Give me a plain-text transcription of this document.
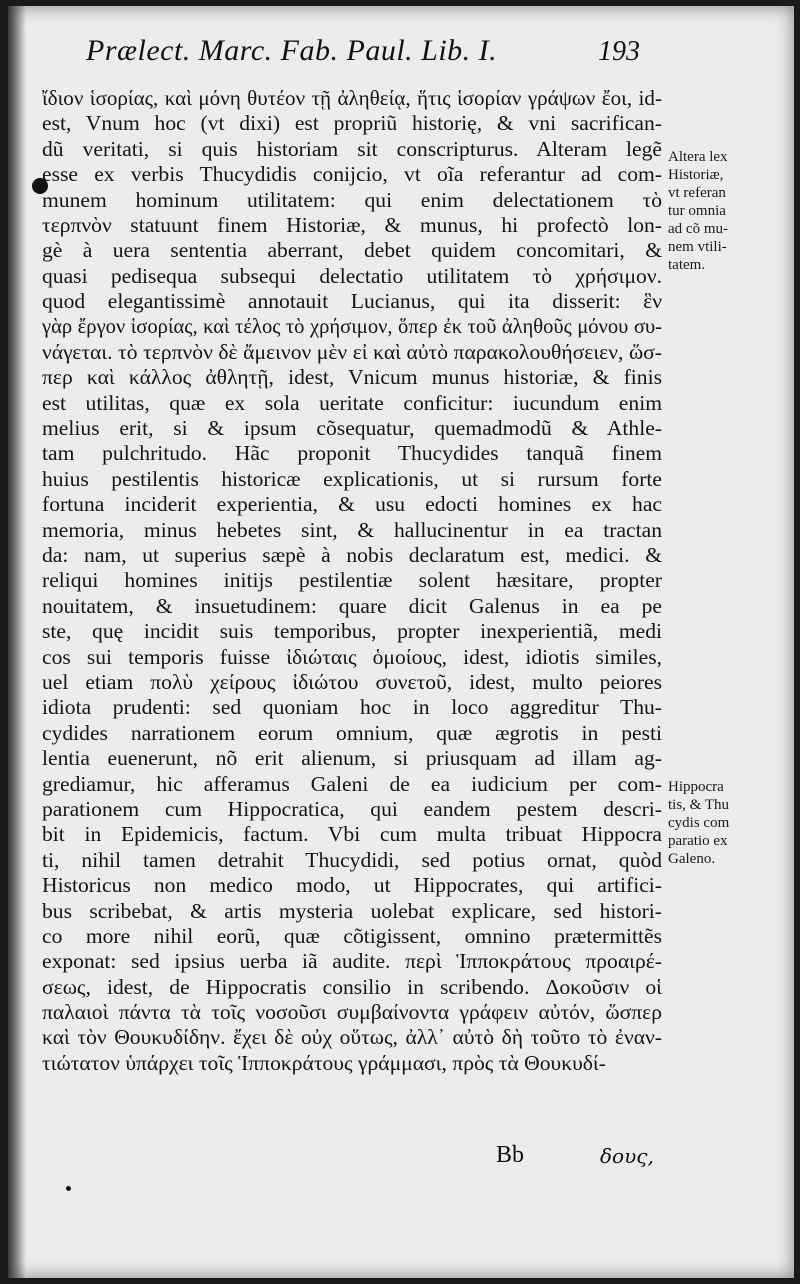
Prælect. Marc. Fab. Paul. Lib. I.	193
ἴδιον ἱσορίας, καὶ μόνη θυτέον τῇ ἀληθείᾳ, ἥτις ἱσορίαν γράψων ἔοι, id-
est, Vnum hoc (vt dixi) est propriũ historię, & vni sacrifican-
dũ veritati, si quis historiam sit conscripturus. Alteram legẽ
esse ex verbis Thucydidis conijcio, vt oĩa referantur ad com-
munem hominum utilitatem: qui enim delectationem τὸ
τερπνὸν statuunt finem Historiæ, & munus, hi profectò lon-
gè à uera sententia aberrant, debet quidem concomitari, &
quasi pedisequa subsequi delectatio utilitatem τὸ χρήσιμον.
quod elegantissimè annotauit Lucianus, qui ita disserit: ἓν
γὰρ ἔργον ἱσορίας, καὶ τέλος τὸ χρήσιμον, ὅπερ ἐκ τοῦ ἀληθοῦς μόνου συ-
νάγεται. τὸ τερπνὸν δὲ ἄμεινον μὲν εἰ καὶ αὐτὸ παρακολουθήσειεν, ὥσ-
περ καὶ κάλλος ἀθλητῇ, idest, Vnicum munus historiæ, & finis
est utilitas, quæ ex sola ueritate conficitur: iucundum enim
melius erit, si & ipsum cõsequatur, quemadmodũ & Athle-
tam pulchritudo. Hãc proponit Thucydides tanquã finem
huius pestilentis historicæ explicationis, ut si rursum forte
fortuna inciderit experientia, & usu edocti homines ex hac
memoria, minus hebetes sint, & hallucinentur in ea tractan
da: nam, ut superius sæpè à nobis declaratum est, medici. &
reliqui homines initijs pestilentiæ solent hæsitare, propter
nouitatem, & insuetudinem: quare dicit Galenus in ea pe
ste, quę incidit suis temporibus, propter inexperientiã, medi
cos sui temporis fuisse ἰδιώταις ὁμοίους, idest, idiotis similes,
uel etiam πολὺ χείρους ἰδιώτου συνετοῦ, idest, multo peiores
idiota prudenti: sed quoniam hoc in loco aggreditur Thu-
cydides narrationem eorum omnium, quæ ægrotis in pesti
lentia euenerunt, nõ erit alienum, si priusquam ad illam ag-
grediamur, hic afferamus Galeni de ea iudicium per com-
parationem cum Hippocratica, qui eandem pestem descri-
bit in Epidemicis, factum. Vbi cum multa tribuat Hippocra
ti, nihil tamen detrahit Thucydidi, sed potius ornat, quòd
Historicus non medico modo, ut Hippocrates, qui artifici-
bus scribebat, & artis mysteria uolebat explicare, sed histori-
co more nihil eorũ, quæ cõtigissent, omnino prætermittẽs
exponat: sed ipsius uerba iã audite. περὶ Ἱπποκράτους προαιρέ-
σεως, idest, de Hippocratis consilio in scribendo. Δοκοῦσιν οἱ
παλαιοὶ πάντα τὰ τοῖς νοσοῦσι συμβαίνοντα γράφειν αὐτόν, ὥσπερ
καὶ τὸν Θουκυδίδην. ἔχει δὲ οὐχ οὕτως, ἀλλ᾽ αὐτὸ δὴ τοῦτο τὸ ἐναν-
τιώτατον ὑπάρχει τοῖς Ἱπποκράτους γράμμασι, πρὸς τὰ Θουκυδί-
Altera lex
Historiæ,
vt referan
tur omnia
ad cõ mu-
nem vtili-
tatem.
Hippocra
tis, & Thu
cydis com
paratio ex
Galeno.
Bb	δους,
